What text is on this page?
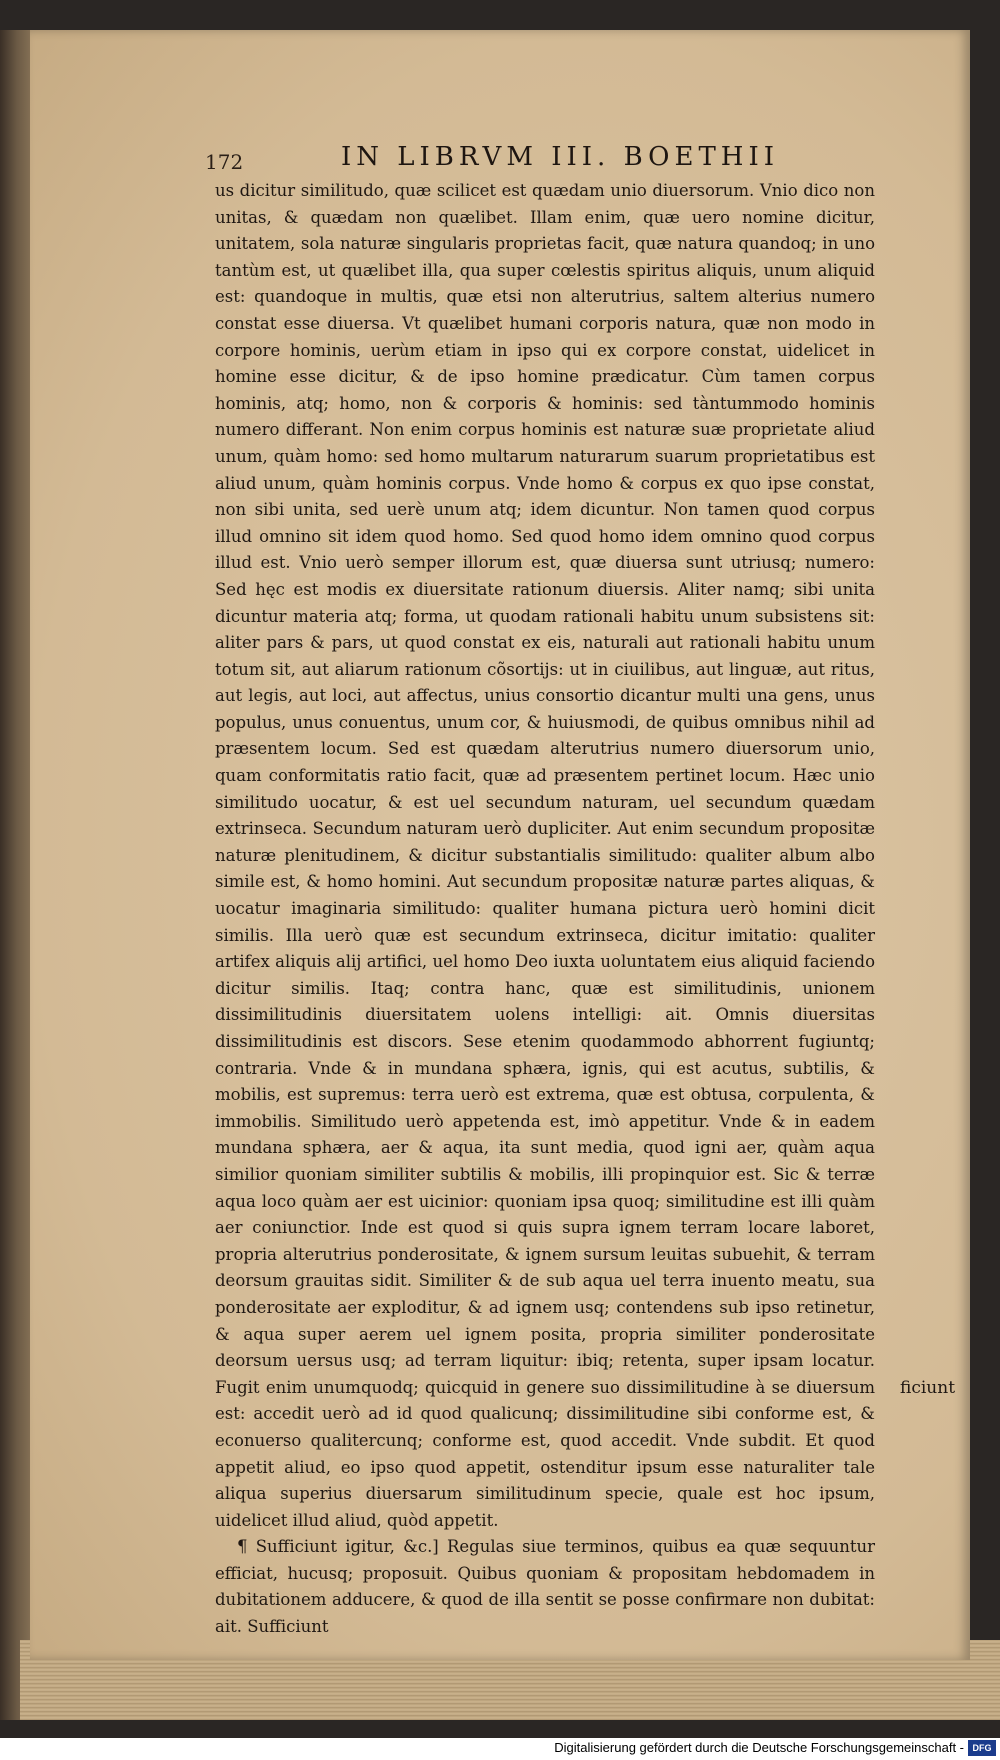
172	IN LIBRVM III. BOETHII

us dicitur similitudo, quæ scilicet est quædam unio diuersorum. Vnio dico non unitas, & quædam non quælibet. Illam enim, quæ uero nomine dicitur, unitatem, sola naturæ singularis proprietas facit, quæ natura quandoq; in uno tantùm est, ut quælibet illa, qua super cœlestis spiritus aliquis, unum aliquid est: quandoque in multis, quæ etsi non alterutrius, saltem alterius numero constat esse diuersa. Vt quælibet humani corporis natura, quæ non modo in corpore hominis, uerùm etiam in ipso qui ex corpore constat, uidelicet in homine esse dicitur, & de ipso homine prædicatur. Cùm tamen corpus hominis, atq; homo, non & corporis & hominis: sed tàntummodo hominis numero differant. Non enim corpus hominis est naturæ suæ proprietate aliud unum, quàm homo: sed homo multarum naturarum suarum proprietatibus est aliud unum, quàm hominis corpus. Vnde homo & corpus ex quo ipse constat, non sibi unita, sed uerè unum atq; idem dicuntur. Non tamen quod corpus illud omnino sit idem quod homo. Sed quod homo idem omnino quod corpus illud est. Vnio uerò semper illorum est, quæ diuersa sunt utriusq; numero: Sed hęc est modis ex diuersitate rationum diuersis. Aliter namq; sibi unita dicuntur materia atq; forma, ut quodam rationali habitu unum subsistens sit: aliter pars & pars, ut quod constat ex eis, naturali aut rationali habitu unum totum sit, aut aliarum rationum cõsortijs: ut in ciuilibus, aut linguæ, aut ritus, aut legis, aut loci, aut affectus, unius consortio dicantur multi una gens, unus populus, unus conuentus, unum cor, & huiusmodi, de quibus omnibus nihil ad præsentem locum. Sed est quædam alterutrius numero diuersorum unio, quam conformitatis ratio facit, quæ ad præsentem pertinet locum. Hæc unio similitudo uocatur, & est uel secundum naturam, uel secundum quædam extrinseca. Secundum naturam uerò dupliciter. Aut enim secundum propositæ naturæ plenitudinem, & dicitur substantialis similitudo: qualiter album albo simile est, & homo homini. Aut secundum propositæ naturæ partes aliquas, & uocatur imaginaria similitudo: qualiter humana pictura uerò homini dicit similis. Illa uerò quæ est secundum extrinseca, dicitur imitatio: qualiter artifex aliquis alij artifici, uel homo Deo iuxta uoluntatem eius aliquid faciendo dicitur similis. Itaq; contra hanc, quæ est similitudinis, unionem dissimilitudinis diuersitatem uolens intelligi: ait. Omnis diuersitas dissimilitudinis est discors. Sese etenim quodammodo abhorrent fugiuntq; contraria. Vnde & in mundana sphæra, ignis, qui est acutus, subtilis, & mobilis, est supremus: terra uerò est extrema, quæ est obtusa, corpulenta, & immobilis. Similitudo uerò appetenda est, imò appetitur. Vnde & in eadem mundana sphæra, aer & aqua, ita sunt media, quod igni aer, quàm aqua similior quoniam similiter subtilis & mobilis, illi propinquior est. Sic & terræ aqua loco quàm aer est uicinior: quoniam ipsa quoq; similitudine est illi quàm aer coniunctior. Inde est quod si quis supra ignem terram locare laboret, propria alterutrius ponderositate, & ignem sursum leuitas subuehit, & terram deorsum grauitas sidit. Similiter & de sub aqua uel terra inuento meatu, sua ponderositate aer exploditur, & ad ignem usq; contendens sub ipso retinetur, & aqua super aerem uel ignem posita, propria similiter ponderositate deorsum uersus usq; ad terram liquitur: ibiq; retenta, super ipsam locatur. Fugit enim unumquodq; quicquid in genere suo dissimilitudine à se diuersum est: accedit uerò ad id quod qualicunq; dissimilitudine sibi conforme est, & econuerso qualitercunq; conforme est, quod accedit. Vnde subdit. Et quod appetit aliud, eo ipso quod appetit, ostenditur ipsum esse naturaliter tale aliqua superius diuersarum similitudinum specie, quale est hoc ipsum, uidelicet illud aliud, quòd appetit.

¶ Sufficiunt igitur, &c.] Regulas siue terminos, quibus ea quæ sequuntur efficiat, hucusq; proposuit. Quibus quoniam & propositam hebdomadem in dubitationem adducere, & quod de illa sentit se posse confirmare non dubitat: ait. Sufficiunt

ficiunt
Digitalisierung gefördert durch die Deutsche Forschungsgemeinschaft - DFG
